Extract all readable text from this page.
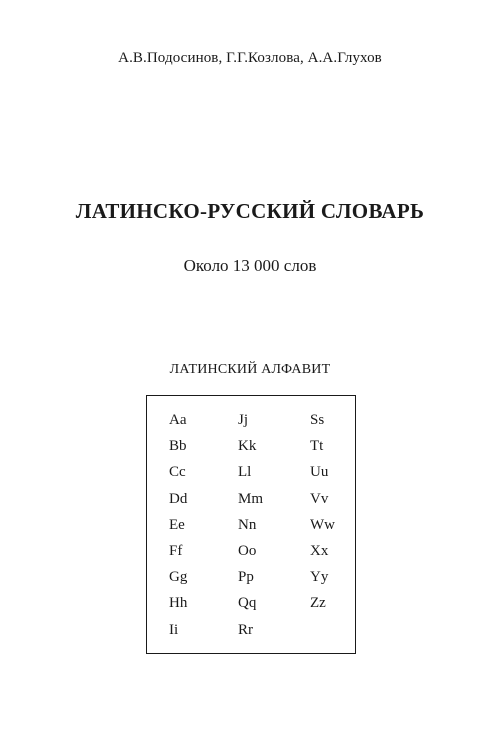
А.В.Подосинов, Г.Г.Козлова, А.А.Глухов
ЛАТИНСКО-РУССКИЙ СЛОВАРЬ
Около 13 000 слов
ЛАТИНСКИЙ АЛФАВИТ
Aa
Bb
Cc
Dd
Ee
Ff
Gg
Hh
Ii
Jj
Kk
Ll
Mm
Nn
Oo
Pp
Qq
Rr
Ss
Tt
Uu
Vv
Ww
Xx
Yy
Zz
